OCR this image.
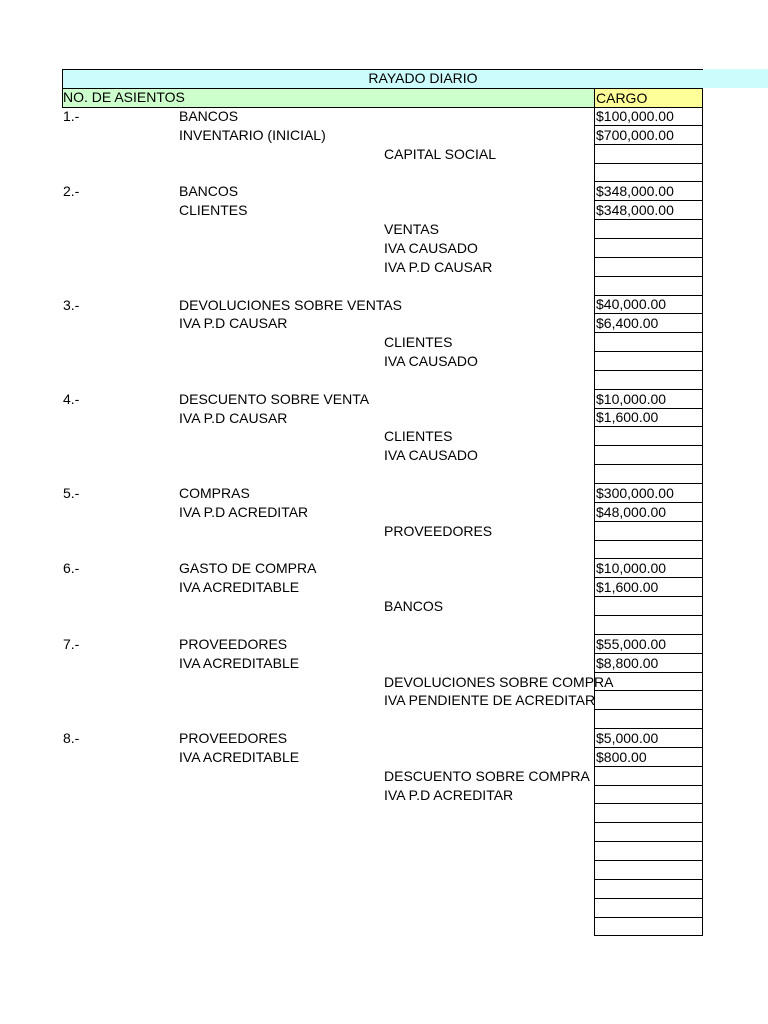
RAYADO DIARIO
NO. DE ASIENTOS	CARGO
1.-	BANCOS	$100,000.00
INVENTARIO (INICIAL)	$700,000.00
CAPITAL SOCIAL
2.-	BANCOS	$348,000.00
CLIENTES	$348,000.00
VENTAS
IVA CAUSADO
IVA P.D CAUSAR
3.-	DEVOLUCIONES SOBRE VENTAS	$40,000.00
IVA P.D CAUSAR	$6,400.00
CLIENTES
IVA CAUSADO
4.-	DESCUENTO SOBRE VENTA	$10,000.00
IVA P.D CAUSAR	$1,600.00
CLIENTES
IVA CAUSADO
5.-	COMPRAS	$300,000.00
IVA P.D ACREDITAR	$48,000.00
PROVEEDORES
6.-	GASTO DE COMPRA	$10,000.00
IVA ACREDITABLE	$1,600.00
BANCOS
7.-	PROVEEDORES	$55,000.00
IVA ACREDITABLE	$8,800.00
DEVOLUCIONES SOBRE COMPRA
IVA PENDIENTE DE ACREDITAR
8.-	PROVEEDORES	$5,000.00
IVA ACREDITABLE	$800.00
DESCUENTO SOBRE COMPRA
IVA P.D ACREDITAR
